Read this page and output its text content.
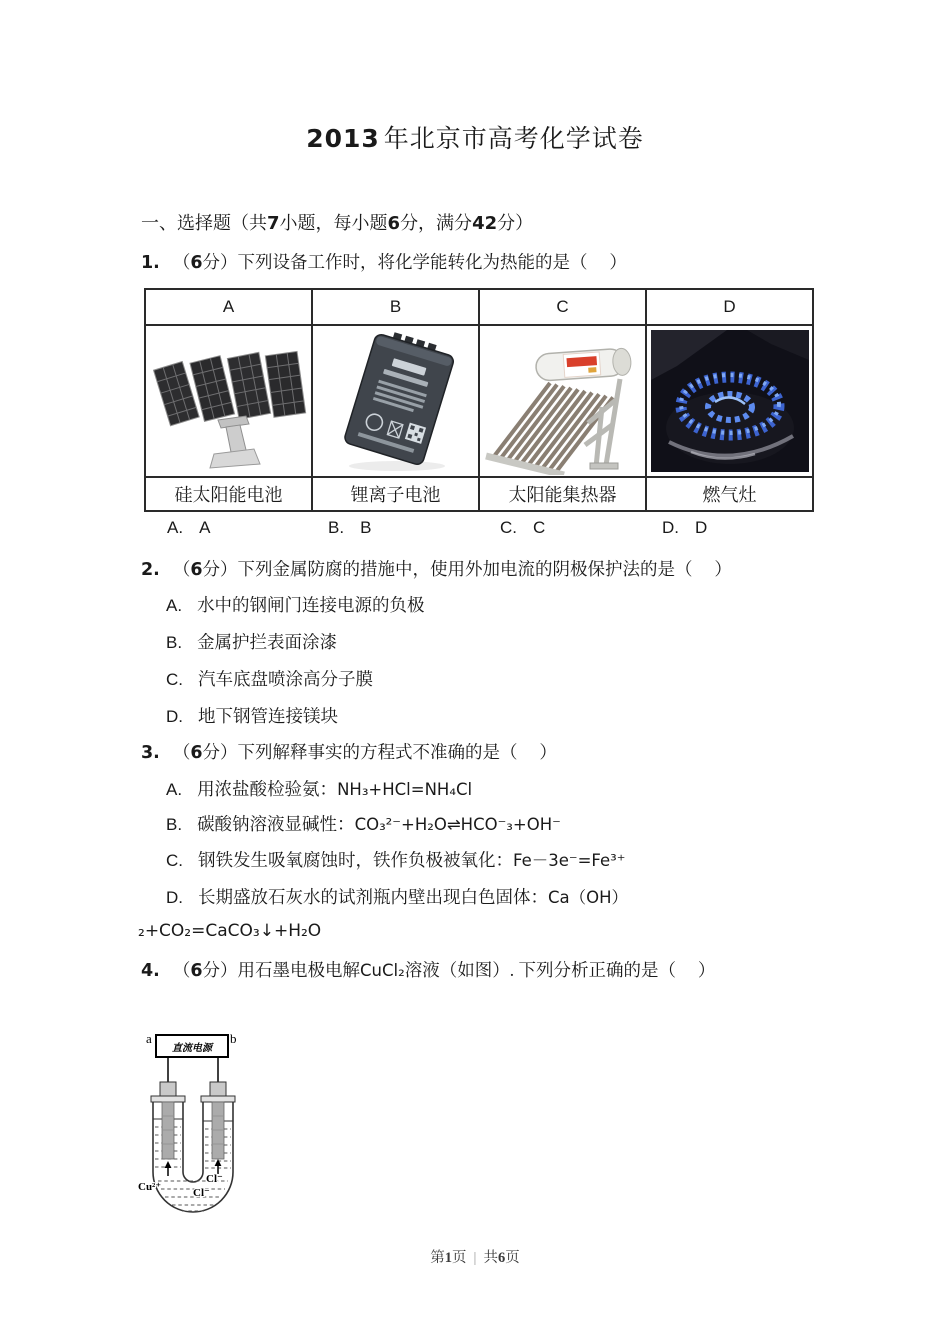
2013 年北京市高考化学试卷
一、选择题（共7小题，每小题6分，满分42分）
1. （6分）下列设备工作时，将化学能转化为热能的是（     ）
A	B	C	D

硅太阳能电池	锂离子电池	太阳能集热器	燃气灶
A. A	B. B	C. C	D. D
2. （6分）下列金属防腐的措施中，使用外加电流的阴极保护法的是（     ）
A. 水中的钢闸门连接电源的负极
B. 金属护拦表面涂漆
C. 汽车底盘喷涂高分子膜
D. 地下钢管连接镁块
3. （6分）下列解释事实的方程式不准确的是（     ）
A. 用浓盐酸检验氨：NH₃+HCl=NH₄Cl
B. 碳酸钠溶液显碱性：CO₃²⁻+H₂O⇌HCO⁻₃+OH⁻
C. 钢铁发生吸氧腐蚀时，铁作负极被氧化：Fe－3e⁻=Fe³⁺
D. 长期盛放石灰水的试剂瓶内壁出现白色固体：Ca（OH）
₂+CO₂=CaCO₃↓+H₂O
4. （6分）用石墨电极电解CuCl₂溶液（如图）. 下列分析正确的是（     ）
直流电源
a	b
Cu²⁺
Cl⁻
Cl⁻
第1页 | 共6页
